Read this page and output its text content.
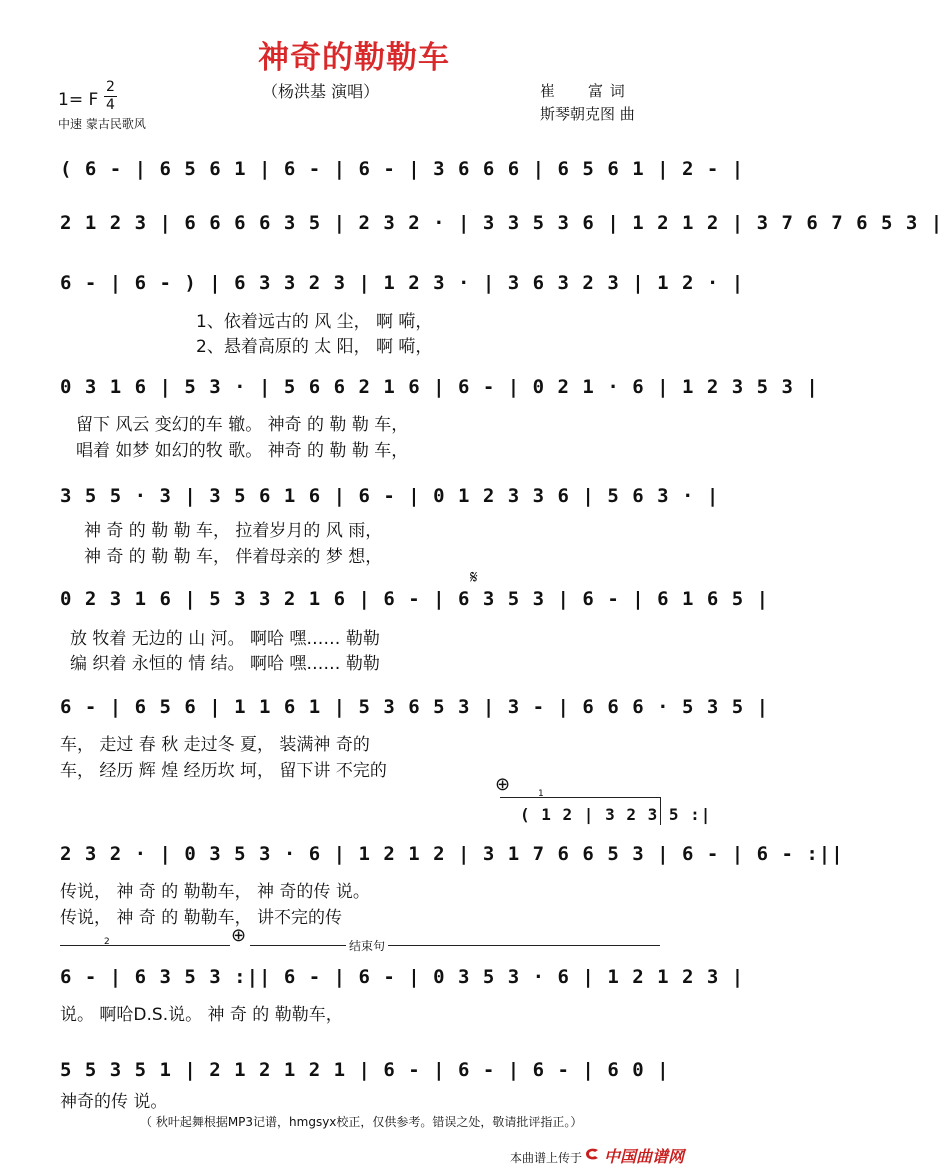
神奇的勒勒车
1= F
2
4
（杨洪基 演唱）	崔　　富 词
斯琴朝克图 曲
中速 蒙古民歌风
( 6 - | 6 5 6 1 | 6 - | 6 - | 3 6 6 6 | 6 5 6 1 | 2 - |
2 1 2 3 | 6 6 6 6 3 5 | 2 3 2 · | 3 3 5 3 6 | 1 2 1 2 | 3 7 6 7 6 5 3 |
6 - | 6 - ) | 6 3 3 2 3 | 1 2 3 · | 3 6 3 2 3 | 1 2 · |
1、依着远古的 风 尘， 啊 嗬，
2、悬着高原的 太 阳， 啊 嗬，
0 3 1 6 | 5 3 · | 5 6 6 2 1 6 | 6 - | 0 2 1 · 6 | 1 2 3 5 3 |
留下 风云 变幻的车 辙。 神奇 的 勒 勒 车，
唱着 如梦 如幻的牧 歌。 神奇 的 勒 勒 车，
3 5 5 · 3 | 3 5 6 1 6 | 6 - | 0 1 2 3 3 6 | 5 6 3 · |
神 奇 的 勒 勒 车， 拉着岁月的 风 雨，
神 奇 的 勒 勒 车， 伴着母亲的 梦 想，
𝄋
0 2 3 1 6 | 5 3 3 2 1 6 | 6 - | 6 3 5 3 | 6 - | 6 1 6 5 |
放 牧着 无边的 山 河。 啊哈 嘿…… 勒勒
编 织着 永恒的 情 结。 啊哈 嘿…… 勒勒
6 - | 6 5 6 | 1 1 6 1 | 5 3 6 5 3 | 3 - | 6 6 6 · 5 3 5 |
车， 走过 春 秋 走过冬 夏， 装满神 奇的
车， 经历 辉 煌 经历坎 坷， 留下讲 不完的
⊕	1
( 1 2 | 3 2 3 5 :|
2 3 2 · | 0 3 5 3 · 6 | 1 2 1 2 | 3 1 7 6 6 5 3 | 6 - | 6 - :||
传说， 神 奇 的 勒勒车， 神 奇的传 说。
传说， 神 奇 的 勒勒车， 讲不完的传
2	⊕	结束句
6 - | 6 3 5 3 :|| 6 - | 6 - | 0 3 5 3 · 6 | 1 2 1 2 3 |
说。 啊哈D.S.说。 神 奇 的 勒勒车，
5 5 3 5 1 | 2 1 2 1 2 1 | 6 - | 6 - | 6 - | 6 0 |
神奇的传 说。
（ 秋叶起舞根据MP3记谱，hmgsyx校正，仅供参考。错误之处，敬请批评指正。）
本曲谱上传于 中国曲谱网
